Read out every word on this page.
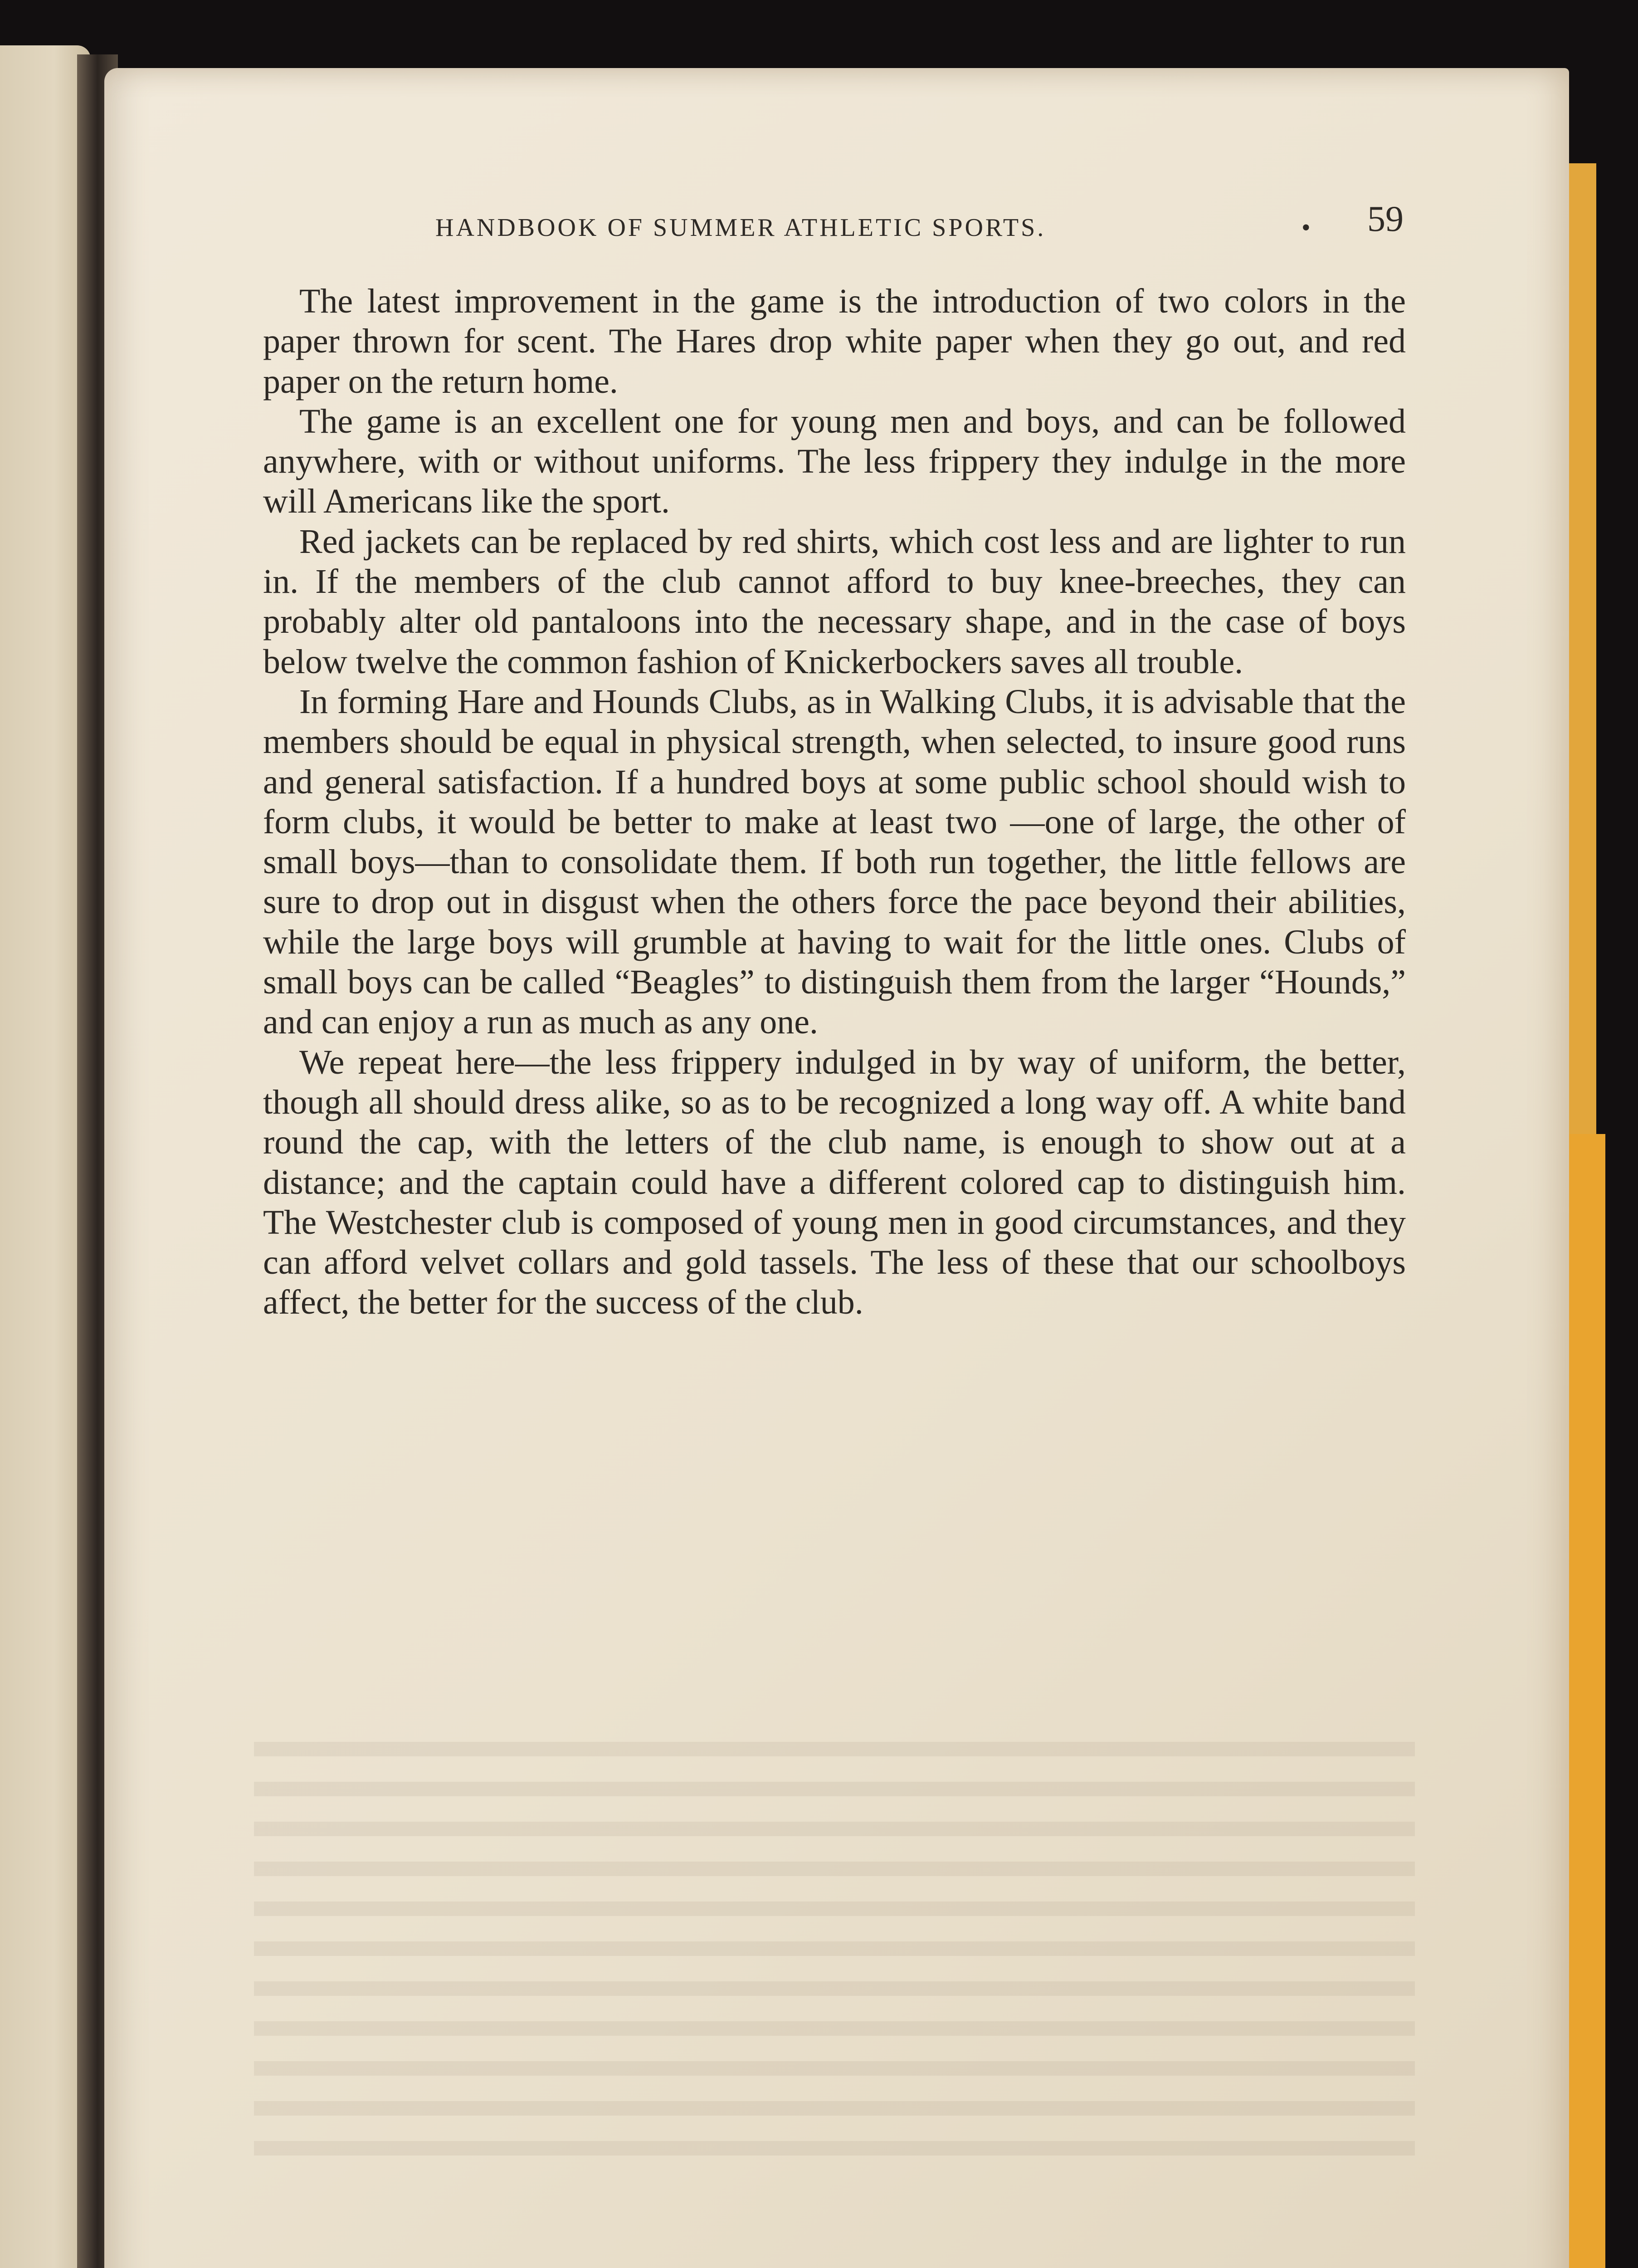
HANDBOOK OF SUMMER ATHLETIC SPORTS.	• 59

The latest improvement in the game is the introduction of two colors in the paper thrown for scent. The Hares drop white paper when they go out, and red paper on the return home.

The game is an excellent one for young men and boys, and can be followed anywhere, with or without uniforms. The less frippery they indulge in the more will Americans like the sport.

Red jackets can be replaced by red shirts, which cost less and are lighter to run in. If the members of the club cannot afford to buy knee-breeches, they can probably alter old pantaloons into the necessary shape, and in the case of boys below twelve the common fashion of Knickerbockers saves all trouble.

In forming Hare and Hounds Clubs, as in Walking Clubs, it is advisable that the members should be equal in physical strength, when selected, to insure good runs and general satisfaction. If a hundred boys at some public school should wish to form clubs, it would be better to make at least two —one of large, the other of small boys—than to consolidate them. If both run together, the little fellows are sure to drop out in disgust when the others force the pace beyond their abilities, while the large boys will grumble at having to wait for the little ones. Clubs of small boys can be called “Beagles” to distinguish them from the larger “Hounds,” and can enjoy a run as much as any one.

We repeat here—the less frippery indulged in by way of uniform, the better, though all should dress alike, so as to be recognized a long way off. A white band round the cap, with the letters of the club name, is enough to show out at a distance; and the captain could have a different colored cap to distinguish him. The Westchester club is composed of young men in good circumstances, and they can afford velvet collars and gold tassels. The less of these that our schoolboys affect, the better for the success of the club.
